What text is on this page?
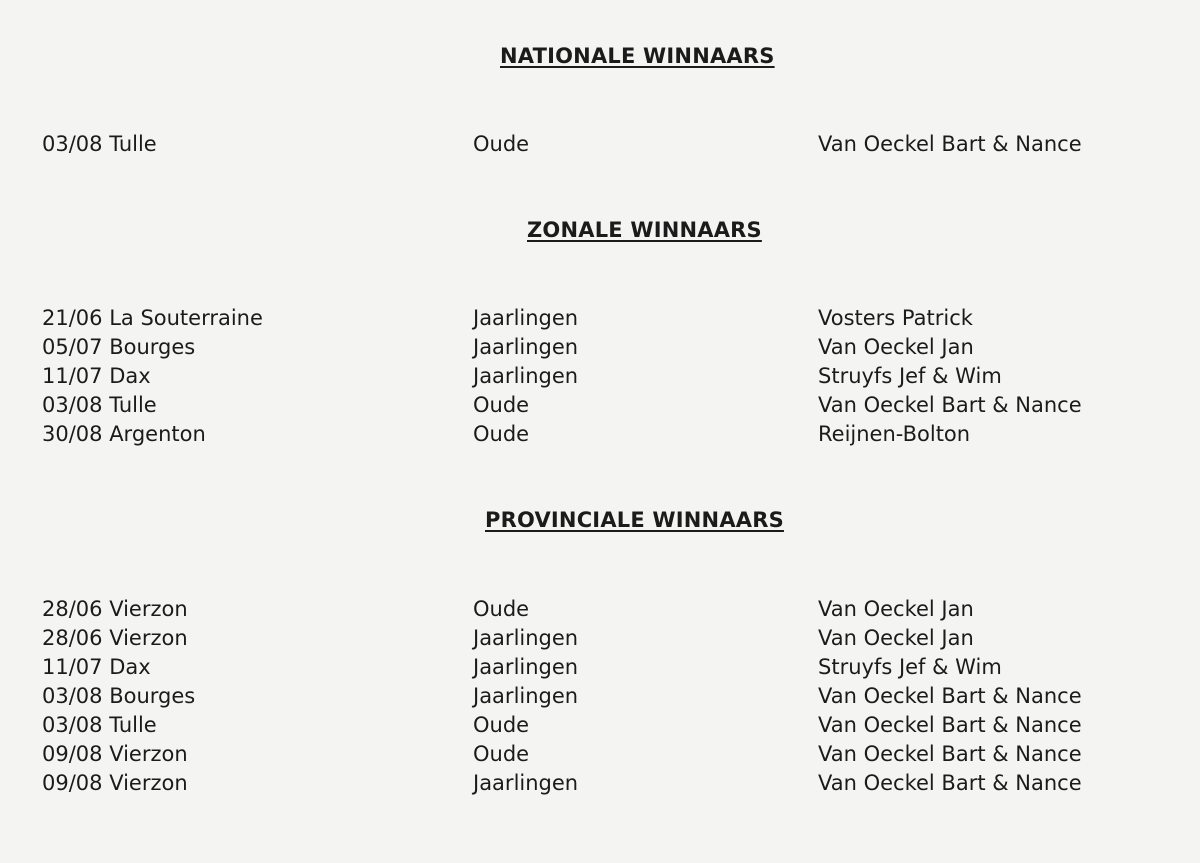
NATIONALE WINNAARS
03/08 Tulle	Oude	Van Oeckel Bart & Nance
ZONALE WINNAARS
21/06 La Souterraine	Jaarlingen	Vosters Patrick
05/07 Bourges	Jaarlingen	Van Oeckel Jan
11/07 Dax	Jaarlingen	Struyfs Jef & Wim
03/08 Tulle	Oude	Van Oeckel Bart & Nance
30/08 Argenton	Oude	Reijnen-Bolton
PROVINCIALE WINNAARS
28/06 Vierzon	Oude	Van Oeckel Jan
28/06 Vierzon	Jaarlingen	Van Oeckel Jan
11/07 Dax	Jaarlingen	Struyfs Jef & Wim
03/08 Bourges	Jaarlingen	Van Oeckel Bart & Nance
03/08 Tulle	Oude	Van Oeckel Bart & Nance
09/08 Vierzon	Oude	Van Oeckel Bart & Nance
09/08 Vierzon	Jaarlingen	Van Oeckel Bart & Nance
